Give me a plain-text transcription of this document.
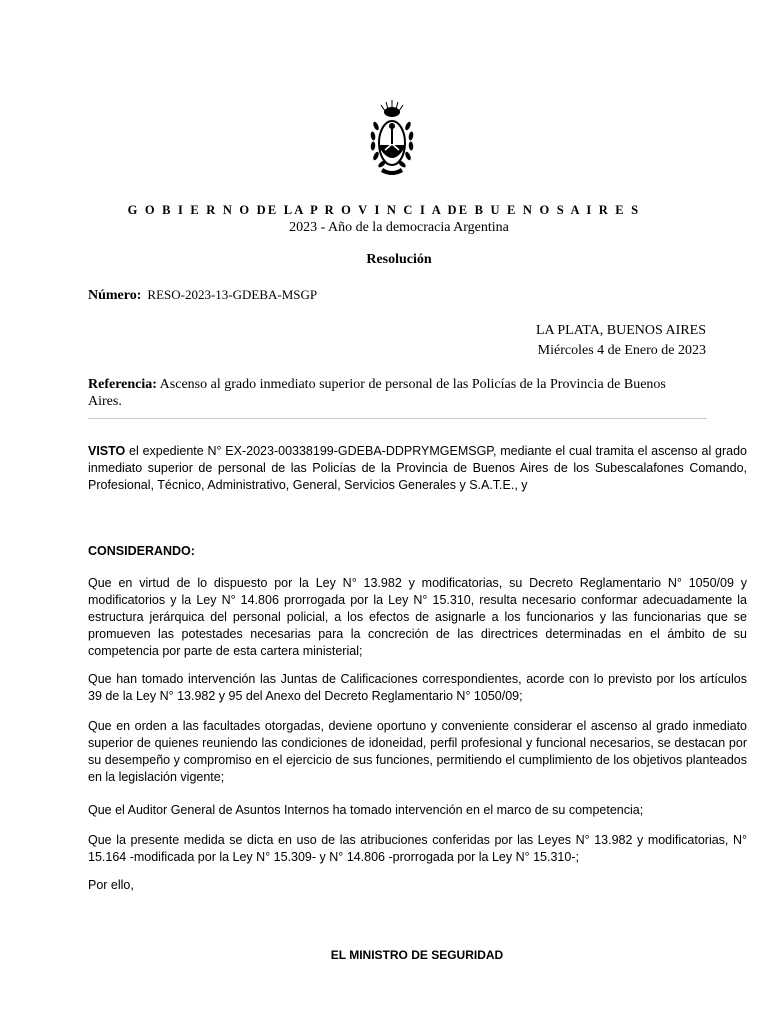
G O B I E R N O DE LA P R O V I N C I A DE B U E N O S A I R E S
2023 - Año de la democracia Argentina
Resolución
Número: RESO-2023-13-GDEBA-MSGP
LA PLATA, BUENOS AIRES
Miércoles 4 de Enero de 2023
Referencia: Ascenso al grado inmediato superior de personal de las Policías de la Provincia de Buenos Aires.

VISTO el expediente N° EX-2023-00338199-GDEBA-DDPRYMGEMSGP, mediante el cual tramita el ascenso al grado inmediato superior de personal de las Policías de la Provincia de Buenos Aires de los Subescalafones Comando, Profesional, Técnico, Administrativo, General, Servicios Generales y S.A.T.E., y

CONSIDERANDO:

Que en virtud de lo dispuesto por la Ley N° 13.982 y modificatorias, su Decreto Reglamentario N° 1050/09 y modificatorios y la Ley N° 14.806 prorrogada por la Ley N° 15.310, resulta necesario conformar adecuadamente la estructura jerárquica del personal policial, a los efectos de asignarle a los funcionarios y las funcionarias que se promueven las potestades necesarias para la concreción de las directrices determinadas en el ámbito de su competencia por parte de esta cartera ministerial;

Que han tomado intervención las Juntas de Calificaciones correspondientes, acorde con lo previsto por los artículos 39 de la Ley N° 13.982 y 95 del Anexo del Decreto Reglamentario N° 1050/09;

Que en orden a las facultades otorgadas, deviene oportuno y conveniente considerar el ascenso al grado inmediato superior de quienes reuniendo las condiciones de idoneidad, perfil profesional y funcional necesarios, se destacan por su desempeño y compromiso en el ejercicio de sus funciones, permitiendo el cumplimiento de los objetivos planteados en la legislación vigente;

Que el Auditor General de Asuntos Internos ha tomado intervención en el marco de su competencia;

Que la presente medida se dicta en uso de las atribuciones conferidas por las Leyes N° 13.982 y modificatorias, N° 15.164 -modificada por la Ley N° 15.309- y N° 14.806 -prorrogada por la Ley N° 15.310-;

Por ello,
EL MINISTRO DE SEGURIDAD
